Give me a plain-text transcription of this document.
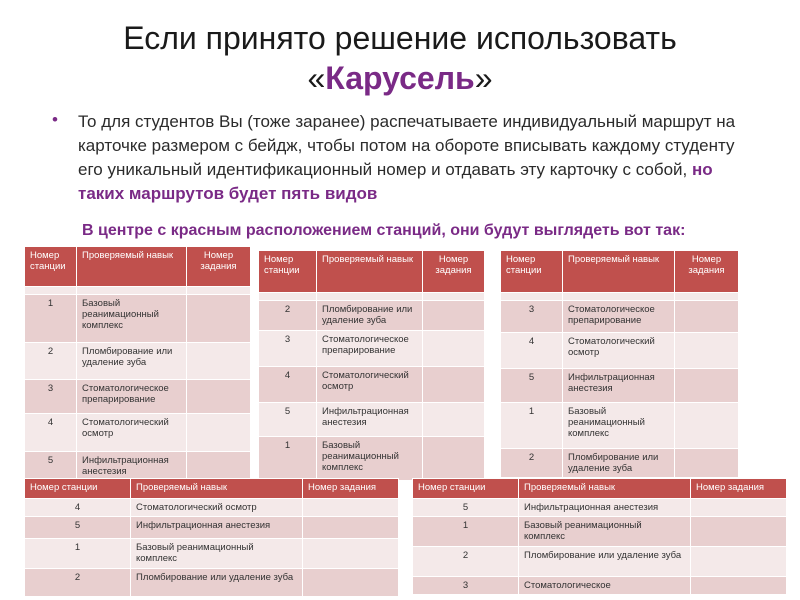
Если принято решение использовать
«Карусель»
• То для студентов Вы (тоже заранее) распечатываете индивидуальный маршрут на карточке размером с бейдж, чтобы потом на обороте вписывать каждому студенту его уникальный идентификационный номер и отдавать эту карточку с собой, но таких маршрутов будет пять видов
В центре с красным расположением станций, они будут выглядеть вот так:
Номер станции	Проверяемый навык	Номер задания

1	Базовый реанимационный комплекс	
2	Пломбирование или удаление зуба	
3	Стоматологическое препарирование	
4	Стоматологический осмотр	
5	Инфильтрационная анестезия	
Номер станции	Проверяемый навык	Номер задания

2	Пломбирование или удаление зуба	
3	Стоматологическое препарирование	
4	Стоматологический осмотр	
5	Инфильтрационная анестезия	
1	Базовый реанимационный комплекс	
Номер станции	Проверяемый навык	Номер задания

3	Стоматологическое препарирование	
4	Стоматологический осмотр	
5	Инфильтрационная анестезия	
1	Базовый реанимационный комплекс	
2	Пломбирование или удаление зуба	
Номер станции	Проверяемый навык	Номер задания
4	Стоматологический осмотр	
5	Инфильтрационная анестезия	
1	Базовый реанимационный комплекс	
2	Пломбирование или удаление зуба	
Номер станции	Проверяемый навык	Номер задания
5	Инфильтрационная анестезия	
1	Базовый реанимационный комплекс	
2	Пломбирование или удаление зуба	
3	Стоматологическое	
